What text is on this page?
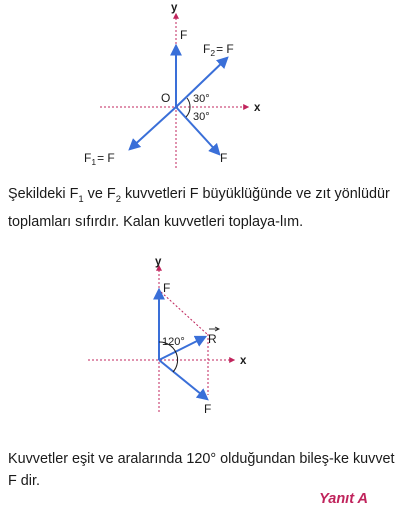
y
x
O
F
$F_2= F$
30°
30°
$F_1= F$	F

Şekildeki $F_1$ ve $F_2$ kuvvetleri F büyüklüğünde ve zıt yönlüdür toplamları sıfırdır. Kalan kuvvetleri toplaya-lım.

y
x
F
120° R
F

Kuvvetler eşit ve aralarında 120° olduğundan bileş-ke kuvvet F dir.

Yanıt A
